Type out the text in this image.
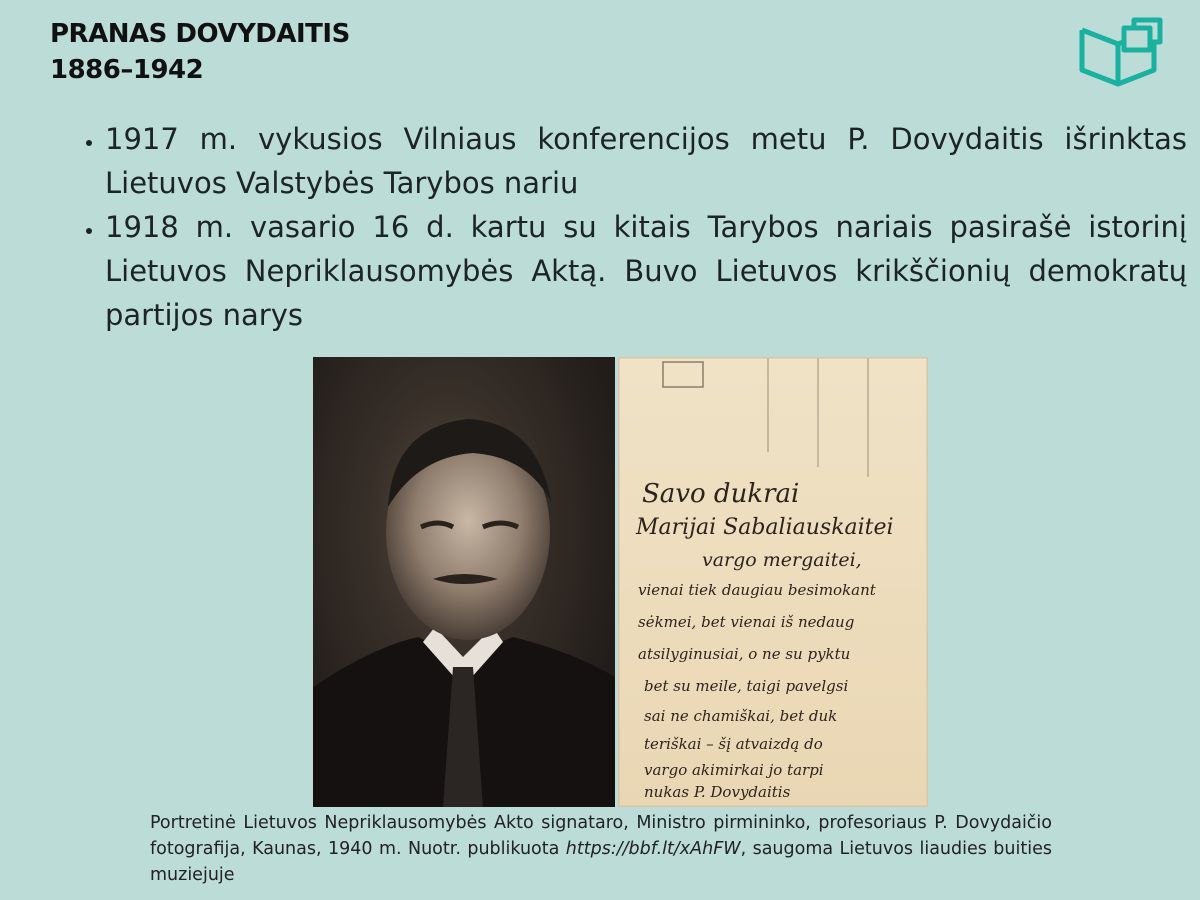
PRANAS DOVYDAITIS
1886–1942
• 1917 m. vykusios Vilniaus konferencijos metu P. Dovydaitis išrinktas Lietuvos Valstybės Tarybos nariu
• 1918 m. vasario 16 d. kartu su kitais Tarybos nariais pasirašė istorinį Lietuvos Nepriklausomybės Aktą. Buvo Lietuvos krikščionių demokratų partijos narys
Savo dukrai
Marijai Sabaliauskaitei
vargo mergaitei,
vienai tiek daugiau besimokant
sėkmei, bet vienai iš nedaug
atsilyginusiai, o ne su pyktu
bet su meile, taigi pavelgsi
sai ne chamiškai, bet duk
teriškai – šį atvaizdą do
vargo akimirkai jo tarpi
nukas P. Dovydaitis

Portretinė Lietuvos Nepriklausomybės Akto signataro, Ministro pirmininko, profesoriaus P. Dovydaičio fotografija, Kaunas, 1940 m. Nuotr. publikuota https://bbf.lt/xAhFW, saugoma Lietuvos liaudies buities muziejuje
